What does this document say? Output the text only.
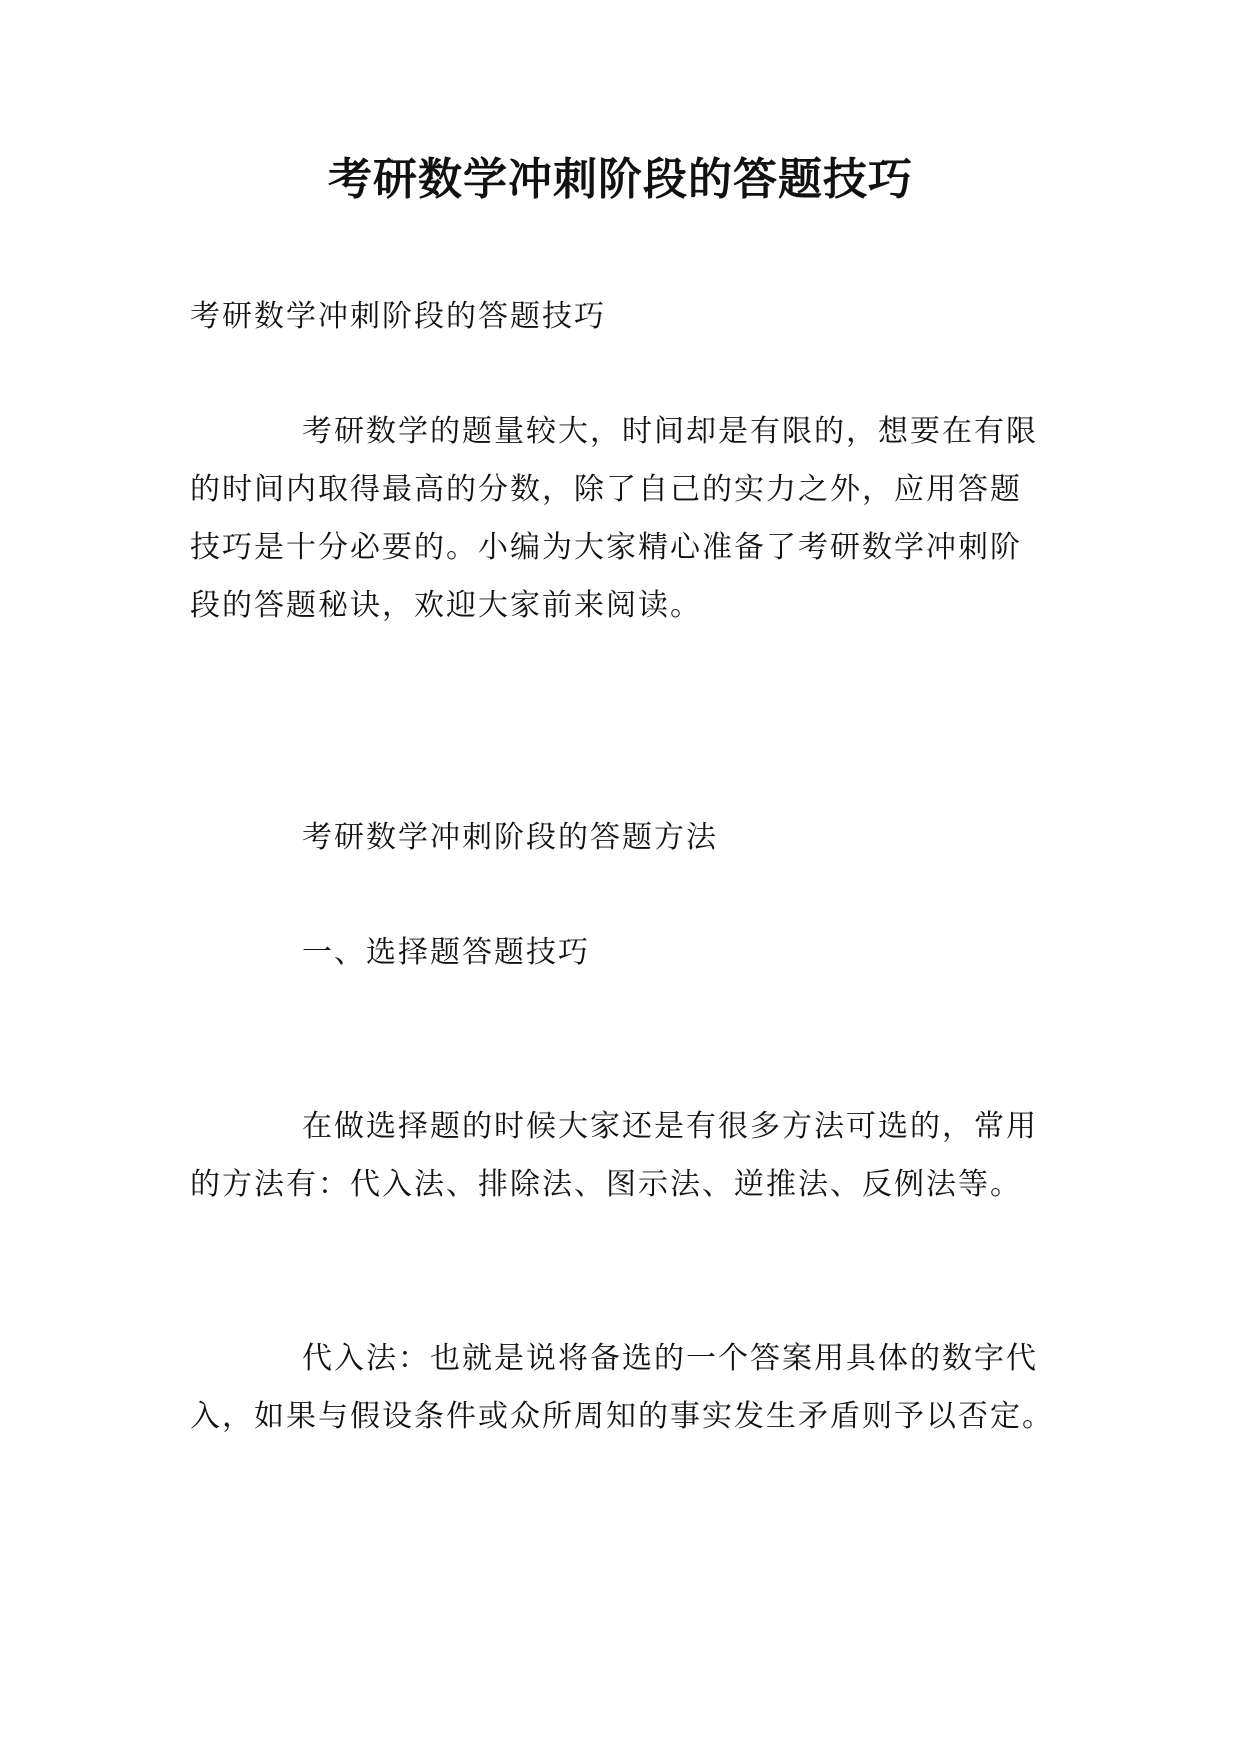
考研数学冲刺阶段的答题技巧
考研数学冲刺阶段的答题技巧
考研数学的题量较大，时间却是有限的，想要在有限
的时间内取得最高的分数，除了自己的实力之外，应用答题
技巧是十分必要的。小编为大家精心准备了考研数学冲刺阶
段的答题秘诀，欢迎大家前来阅读。
考研数学冲刺阶段的答题方法
一、选择题答题技巧
在做选择题的时候大家还是有很多方法可选的，常用
的方法有：代入法、排除法、图示法、逆推法、反例法等。
代入法：也就是说将备选的一个答案用具体的数字代
入，如果与假设条件或众所周知的事实发生矛盾则予以否定。
